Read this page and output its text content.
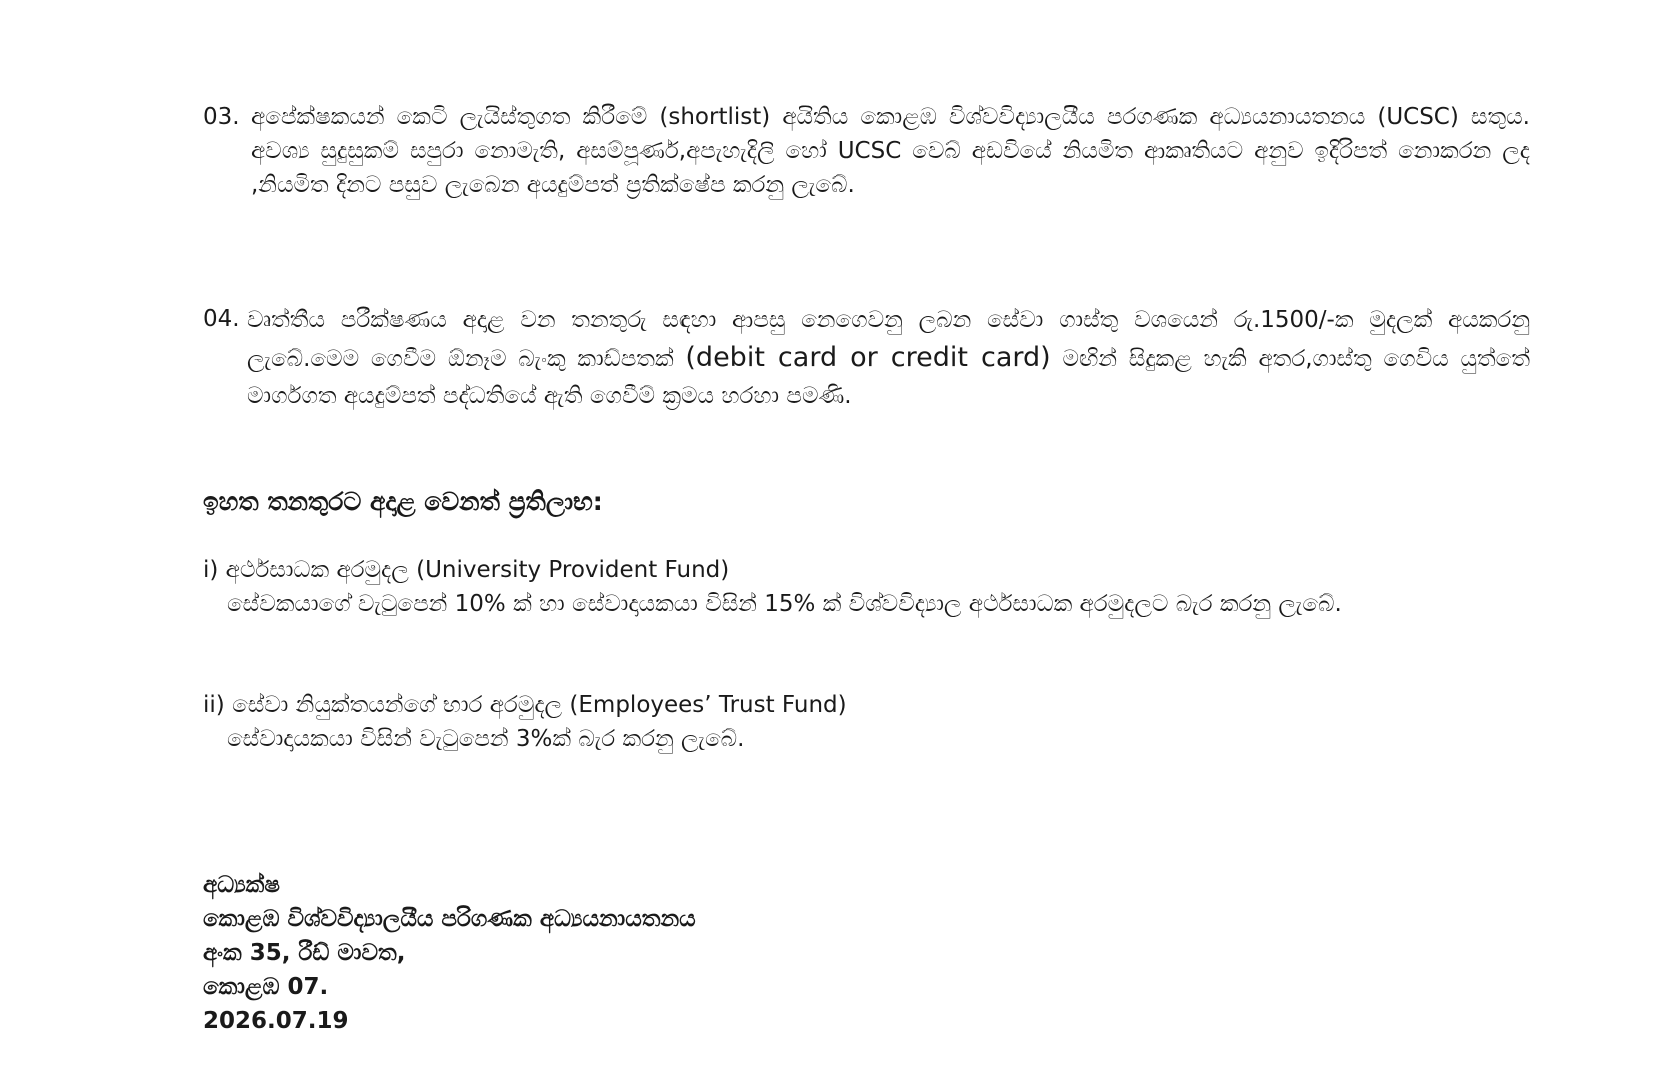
03. අපේක්ෂකයන් කෙටි ලැයිස්තුගත කිරීමේ (shortlist) අයිතිය කොළඹ විශ්වවිද්‍යාලයීය පරගණක අධ්‍යයනායතනය (UCSC) සතුය. අවශ්‍ය සුදුසුකම් සපුරා නොමැති, අසම්පූර්ණ,අපැහැදිලි හෝ UCSC වෙබ් අඩවියේ නියමිත ආකෘතියට අනුව ඉදිරිපත් නොකරන ලද ,නියමිත දිනට පසුව ලැබෙන අයදුම්පත් ප්‍රතික්ෂේප කරනු ලැබේ.
04. වෘත්තීය පරීක්ෂණය අදාළ වන තනතුරු සඳහා ආපසු නෙගෙවනු ලබන සේවා ගාස්තු වශයෙන් රු.1500/-ක මුදලක් අයකරනු ලැබේ.මෙම ගෙවීම ඕනෑම බැංකු කාඩ්පතක් (debit card or credit card) මඟින් සිදුකළ හැකි අතර,ගාස්තු ගෙවිය යුත්තේ මාර්ගගත අයදුම්පත් පද්ධතියේ ඇති ගෙවීම් ක්‍රමය හරහා පමණි.
ඉහත තනතුරට අදාළ වෙනත් ප්‍රතිලාභ:
i) අර්ථසාධක අරමුදල (University Provident Fund)
සේවකයාගේ වැටුපෙන් 10% ක් හා සේවාදායකයා විසින් 15% ක් විශ්වවිද්‍යාල අර්ථසාධක අරමුදලට බැර කරනු ලැබේ.
ii) සේවා නියුක්තයන්ගේ භාර අරමුදල (Employees’ Trust Fund)
සේවාදායකයා විසින් වැටුපෙන් 3%ක් බැර කරනු ලැබේ.
අධ්‍යක්ෂ
කොළඹ විශ්වවිද්‍යාලයීය පරිගණක අධ්‍යයනායතනය
අංක 35, රීඩ් මාවත,
කොළඹ 07.
2026.07.19
